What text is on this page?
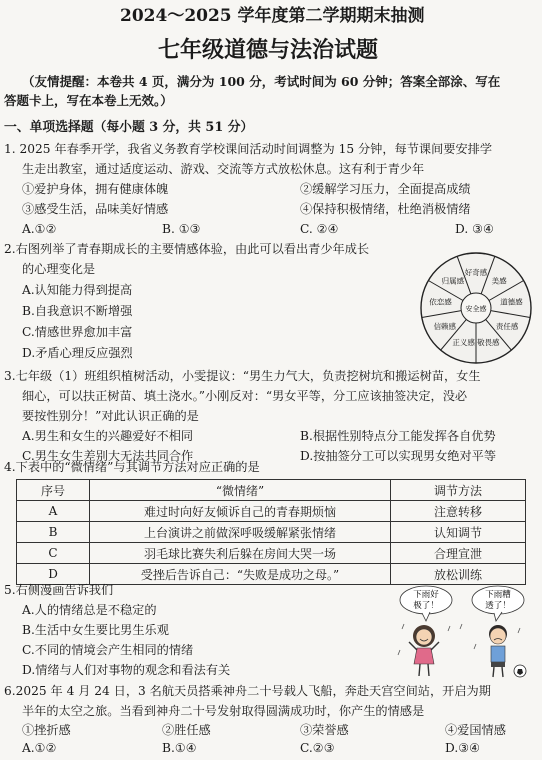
2024～2025 学年度第二学期期末抽测
七年级道德与法治试题
（友情提醒：本卷共 4 页，满分为 100 分，考试时间为 60 分钟；答案全部涂、写在
答题卡上，写在本卷上无效。）
一、单项选择题（每小题 3 分，共 51 分）
1. 2025 年春季开学，我省义务教育学校课间活动时间调整为 15 分钟，每节课间要安排学
生走出教室，通过适度运动、游戏、交流等方式放松休息。这有利于青少年
①爱护身体，拥有健康体魄	②缓解学习压力，全面提高成绩
③感受生活，品味美好情感	④保持积极情绪，杜绝消极情绪
A.①②	B. ①③	C. ②④	D. ③④
2.右图列举了青春期成长的主要情感体验，由此可以看出青少年成长
的心理变化是
A.认知能力得到提高
B.自我意识不断增强
C.情感世界愈加丰富
D.矛盾心理反应强烈
美感
道德感
责任感
敬畏感
正义感
信赖感
依恋感
归属感
好奇感
安全感
3.七年级（1）班组织植树活动，小雯提议：“男生力气大，负责挖树坑和搬运树苗，女生
细心，可以扶正树苗、填土浇水。”小刚反对：“男女平等，分工应该抽签决定，没必
要按性别分！”对此认识正确的是
A.男生和女生的兴趣爱好不相同	B.根据性别特点分工能发挥各自优势
C.男生女生差别大无法共同合作	D.按抽签分工可以实现男女绝对平等
4.下表中的“微情绪”与其调节方法对应正确的是
序号	“微情绪”	调节方法
A	难过时向好友倾诉自己的青春期烦恼	注意转移
B	上台演讲之前做深呼吸缓解紧张情绪	认知调节
C	羽毛球比赛失利后躲在房间大哭一场	合理宣泄
D	受挫后告诉自己：“失败是成功之母。”	放松训练
5.右侧漫画告诉我们
A.人的情绪总是不稳定的
B.生活中女生要比男生乐观
C.不同的情境会产生相同的情绪
D.情绪与人们对事物的观念和看法有关
下雨好
极了！
下雨糟
透了！
6.2025 年 4 月 24 日，3 名航天员搭乘神舟二十号载人飞船，奔赴天宫空间站，开启为期
半年的太空之旅。当看到神舟二十号发射取得圆满成功时，你产生的情感是
①挫折感	②胜任感	③荣誉感	④爱国情感
A.①②	B.①④	C.②③	D.③④
